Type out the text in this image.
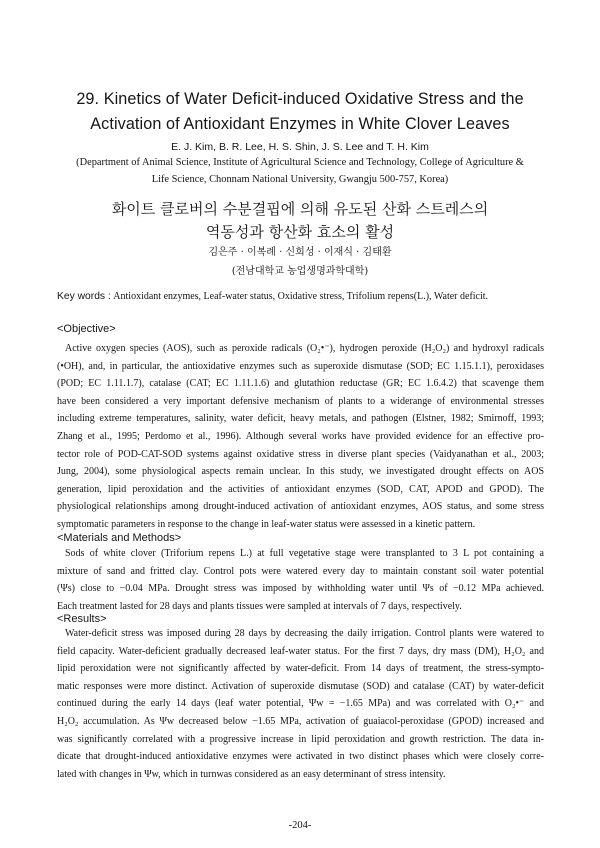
29. Kinetics of Water Deficit-induced Oxidative Stress and the
Activation of Antioxidant Enzymes in White Clover Leaves
E. J. Kim, B. R. Lee, H. S. Shin, J. S. Lee and T. H. Kim
(Department of Animal Science, Institute of Agricultural Science and Technology, College of Agriculture &
Life Science, Chonnam National University, Gwangju 500-757, Korea)
화이트 클로버의 수분결핍에 의해 유도된 산화 스트레스의
역동성과 항산화 효소의 활성
김은주 · 이복례 · 신희성 · 이재식 · 김태환
(전남대학교 농업생명과학대학)
Key words : Antioxidant enzymes, Leaf-water status, Oxidative stress, Trifolium repens(L.), Water deficit.
<Objective>
Active oxygen species (AOS), such as peroxide radicals (O₂•⁻), hydrogen peroxide (H₂O₂) and hydroxyl radicals
(•OH), and, in particular, the antioxidative enzymes such as superoxide dismutase (SOD; EC 1.15.1.1), peroxidases
(POD; EC 1.11.1.7), catalase (CAT; EC 1.11.1.6) and glutathion reductase (GR; EC 1.6.4.2) that scavenge them
have been considered a very important defensive mechanism of plants to a widerange of environmental stresses
including extreme temperatures, salinity, water deficit, heavy metals, and pathogen (Elstner, 1982; Smirnoff, 1993;
Zhang et al., 1995; Perdomo et al., 1996). Although several works have provided evidence for an effective pro-
tector role of POD-CAT-SOD systems against oxidative stress in diverse plant species (Vaidyanathan et al., 2003;
Jung, 2004), some physiological aspects remain unclear. In this study, we investigated drought effects on AOS
generation, lipid peroxidation and the activities of antioxidant enzymes (SOD, CAT, APOD and GPOD). The
physiological relationships among drought-induced activation of antioxidant enzymes, AOS status, and some stress
symptomatic parameters in response to the change in leaf-water status were assessed in a kinetic pattern.
<Materials and Methods>
Sods of white clover (Triforium repens L.) at full vegetative stage were transplanted to 3 L pot containing a
mixture of sand and fritted clay. Control pots were watered every day to maintain constant soil water potential
(Ψs) close to −0.04 MPa. Drought stress was imposed by withholding water until Ψs of −0.12 MPa achieved.
Each treatment lasted for 28 days and plants tissues were sampled at intervals of 7 days, respectively.
<Results>
Water-deficit stress was imposed during 28 days by decreasing the daily irrigation. Control plants were watered to
field capacity. Water-deficient gradually decreased leaf-water status. For the first 7 days, dry mass (DM), H₂O₂ and
lipid peroxidation were not significantly affected by water-deficit. From 14 days of treatment, the stress-sympto-
matic responses were more distinct. Activation of superoxide dismutase (SOD) and catalase (CAT) by water-deficit
continued during the early 14 days (leaf water potential, Ψw = −1.65 MPa) and was correlated with O₂•⁻ and
H₂O₂ accumulation. As Ψw decreased below −1.65 MPa, activation of guaiacol-peroxidase (GPOD) increased and
was significantly correlated with a progressive increase in lipid peroxidation and growth restriction. The data in-
dicate that drought-induced antioxidative enzymes were activated in two distinct phases which were closely corre-
lated with changes in Ψw, which in turnwas considered as an easy determinant of stress intensity.
-204-
